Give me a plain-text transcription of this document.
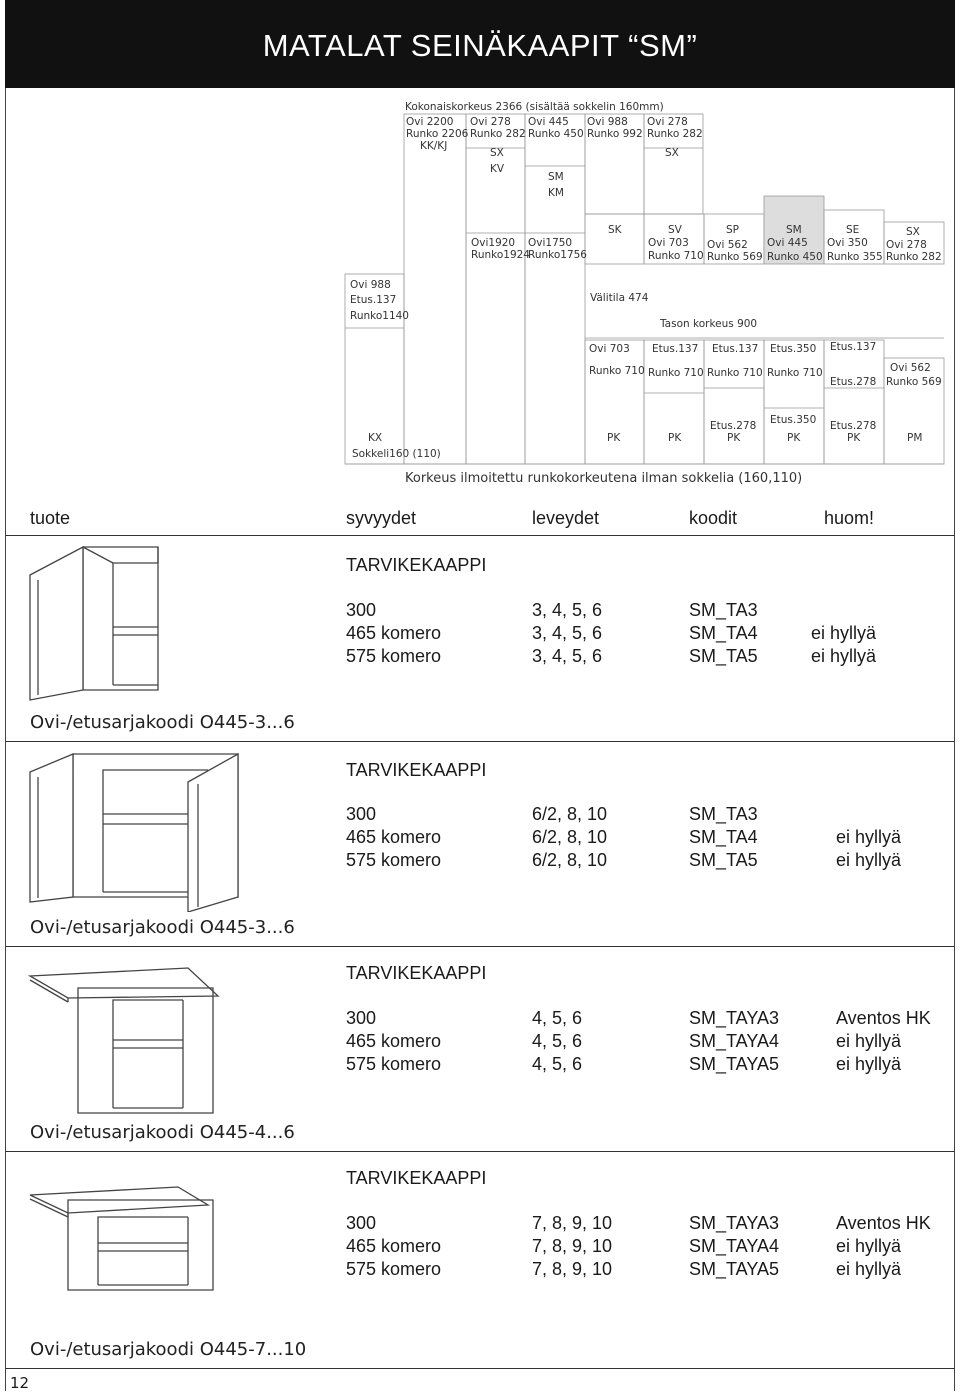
MATALAT SEINÄKAAPIT “SM”
Kokonaiskorkeus 2366 (sisältää sokkelin 160mm)
Ovi 2200 Ovi 278 Ovi 445 Ovi 988 Ovi 278
Runko 2206 Runko 282 Runko 450 Runko 992 Runko 282
KK/KJ
SX	SX
KV
SM
KM
Ovi1920
Runko1924
Ovi1750
Runko1756
SK	SV	SP	SM	SE	SX
Ovi 703 Ovi 562 Ovi 445 Ovi 350 Ovi 278
Runko 710 Runko 569 Runko 450 Runko 355 Runko 282
Ovi 988
Etus.137
Runko1140
Välitila 474
Tason korkeus 900
Ovi 703 Etus.137 Etus.137 Etus.350 Etus.137
Runko 710 Runko 710 Runko 710 Runko 710
Etus.278
Ovi 562
Runko 569
Etus.278 Etus.350 Etus.278
KX	PK	PK	PK	PK	PK	PM
Sokkeli160 (110)
Korkeus ilmoitettu runkokorkeutena ilman sokkelia (160,110)
tuote	syvyydet	leveydet	koodit	huom!
TARVIKEKAAPPI
300	3, 4, 5, 6	SM_TA3
465 komero	3, 4, 5, 6	SM_TA4	ei hyllyä
575 komero	3, 4, 5, 6	SM_TA5	ei hyllyä
Ovi-/etusarjakoodi O445-3...6
TARVIKEKAAPPI
300	6/2, 8, 10	SM_TA3
465 komero	6/2, 8, 10	SM_TA4	ei hyllyä
575 komero	6/2, 8, 10	SM_TA5	ei hyllyä
Ovi-/etusarjakoodi O445-3...6
TARVIKEKAAPPI
300	4, 5, 6	SM_TAYA3	Aventos HK
465 komero	4, 5, 6	SM_TAYA4	ei hyllyä
575 komero	4, 5, 6	SM_TAYA5	ei hyllyä
Ovi-/etusarjakoodi O445-4...6
TARVIKEKAAPPI
300	7, 8, 9, 10	SM_TAYA3	Aventos HK
465 komero	7, 8, 9, 10	SM_TAYA4	ei hyllyä
575 komero	7, 8, 9, 10	SM_TAYA5	ei hyllyä
Ovi-/etusarjakoodi O445-7...10
12
